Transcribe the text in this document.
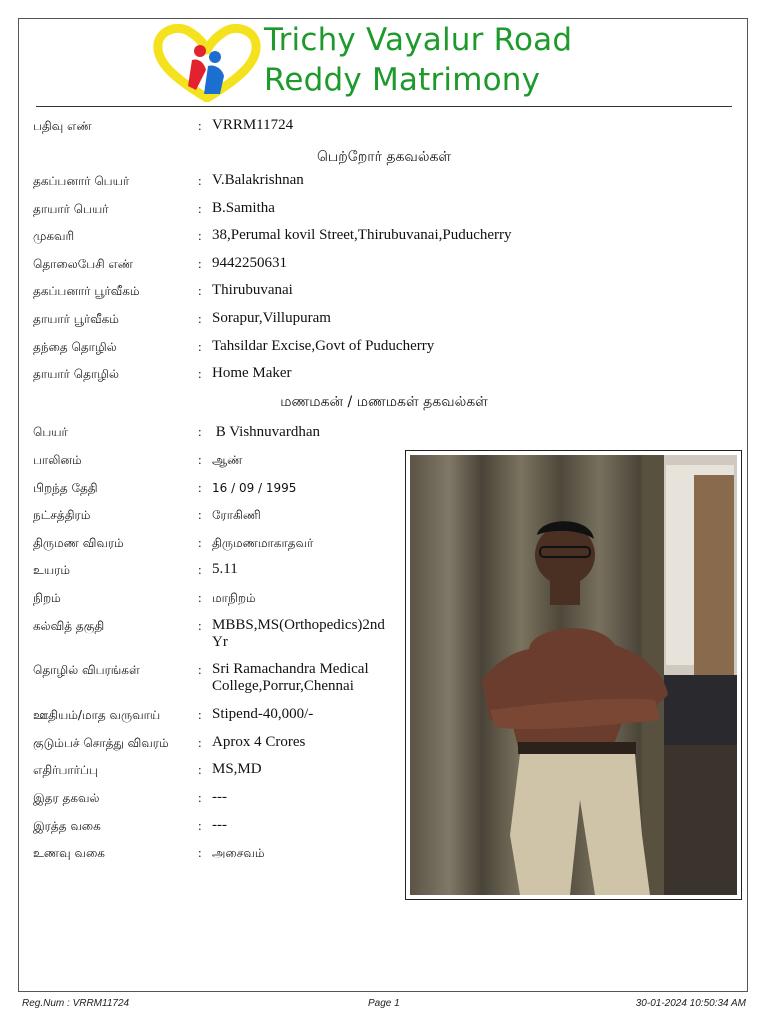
Trichy Vayalur Road
Reddy Matrimony
பதிவு எண்	: VRRM11724
பெற்றோர் தகவல்கள்
தகப்பனார் பெயர்	: V.Balakrishnan
தாயார் பெயர்	: B.Samitha
முகவரி	: 38,Perumal kovil Street,Thirubuvanai,Puducherry
தொலைபேசி எண்	: 9442250631
தகப்பனார் பூர்வீகம்	: Thirubuvanai
தாயார் பூர்வீகம்	: Sorapur,Villupuram
தந்தை தொழில்	: Tahsildar Excise,Govt of Puducherry
தாயார் தொழில்	: Home Maker
மணமகன் / மணமகள் தகவல்கள்
பெயர்	: B Vishnuvardhan
பாலினம்	: ஆண்
பிறந்த தேதி	: 16 / 09 / 1995
நட்சத்திரம்	: ரோகிணி
திருமண விவரம்	: திருமணமாகாதவர்
உயரம்	: 5.11
நிறம்	: மாநிறம்
கல்வித் தகுதி	: MBBS,MS(Orthopedics)2nd Yr
தொழில் விபரங்கள்	: Sri Ramachandra Medical College,Porrur,Chennai
ஊதியம்/மாத வருவாய்	: Stipend-40,000/-
குடும்பச் சொத்து விவரம் : Aprox 4 Crores
எதிர்பார்ப்பு	: MS,MD
இதர தகவல்	: ---
இரத்த வகை	: ---
உணவு வகை	: அசைவம்
Reg.Num : VRRM11724	Page 1	30-01-2024 10:50:34 AM
